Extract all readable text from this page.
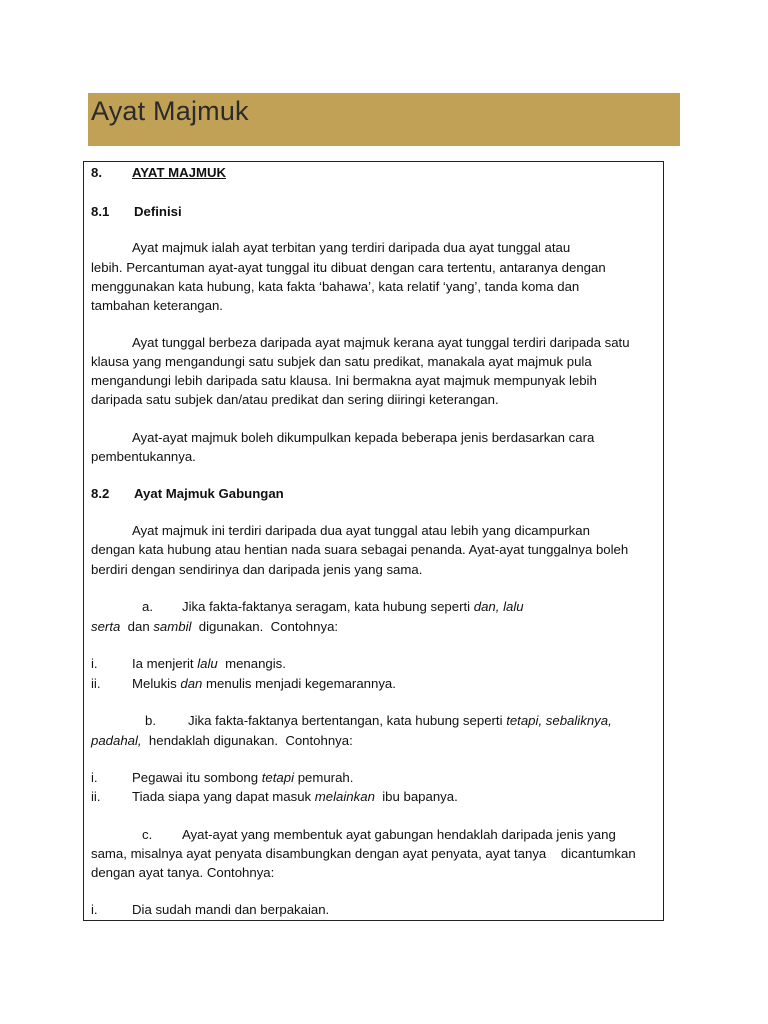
Ayat Majmuk
8. AYAT MAJMUK
8.1 Definisi
Ayat majmuk ialah ayat terbitan yang terdiri daripada dua ayat tunggal atau
lebih. Percantuman ayat-ayat tunggal itu dibuat dengan cara tertentu, antaranya dengan
menggunakan kata hubung, kata fakta ‘bahawa’, kata relatif ‘yang’, tanda koma dan
tambahan keterangan.
Ayat tunggal berbeza daripada ayat majmuk kerana ayat tunggal terdiri daripada satu
klausa yang mengandungi satu subjek dan satu predikat, manakala ayat majmuk pula
mengandungi lebih daripada satu klausa. Ini bermakna ayat majmuk mempunyak lebih
daripada satu subjek dan/atau predikat dan sering diiringi keterangan.
Ayat-ayat majmuk boleh dikumpulkan kepada beberapa jenis berdasarkan cara
pembentukannya.
8.2 Ayat Majmuk Gabungan
Ayat majmuk ini terdiri daripada dua ayat tunggal atau lebih yang dicampurkan
dengan kata hubung atau hentian nada suara sebagai penanda. Ayat-ayat tunggalnya boleh
berdiri dengan sendirinya dan daripada jenis yang sama.
a. Jika fakta-faktanya seragam, kata hubung seperti dan, lalu
serta  dan sambil  digunakan.  Contohnya:
i.	Ia menjerit lalu  menangis.
ii. Melukis dan menulis menjadi kegemarannya.
b. Jika fakta-faktanya bertentangan, kata hubung seperti tetapi, sebaliknya,
padahal,  hendaklah digunakan.  Contohnya:
i.	Pegawai itu sombong tetapi pemurah.
ii. Tiada siapa yang dapat masuk melainkan  ibu bapanya.
c. Ayat-ayat yang membentuk ayat gabungan hendaklah daripada jenis yang
sama, misalnya ayat penyata disambungkan dengan ayat penyata, ayat tanya    dicantumkan
dengan ayat tanya. Contohnya:
i.	Dia sudah mandi dan berpakaian.
